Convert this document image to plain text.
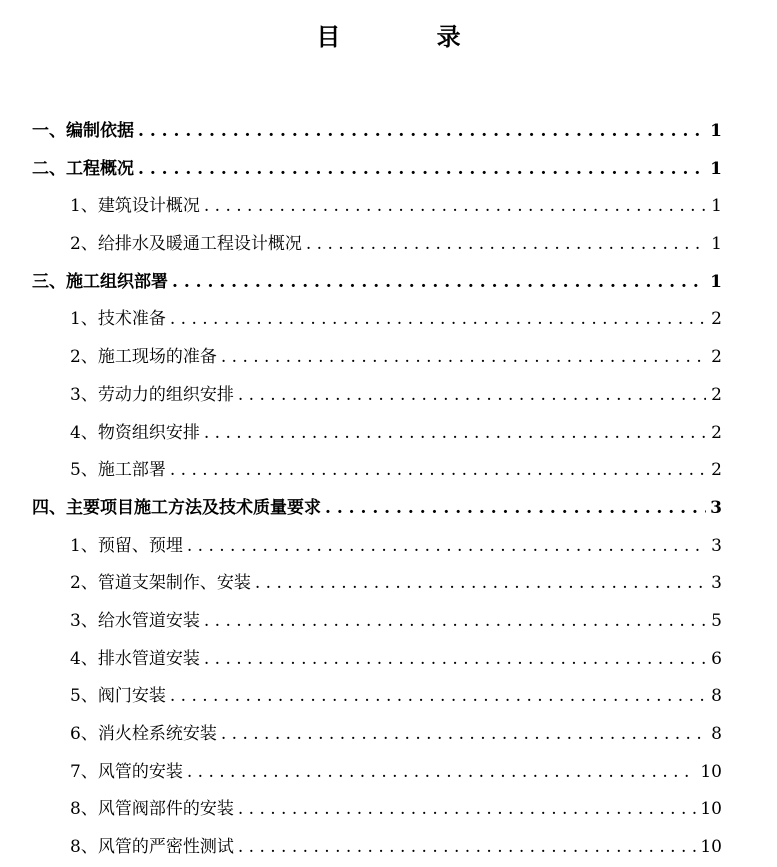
目 录
一、编制依据 . . .	1
二、工程概况 . . .	1
1、建筑设计概况 . . .	1
2、给排水及暖通工程设计概况 . . .	1
三、施工组织部署 . . .	1
1、技术准备 . . .	2
2、施工现场的准备 . . .	2
3、劳动力的组织安排 . . .	2
4、物资组织安排 . . .	2
5、施工部署 . . .	2
四、主要项目施工方法及技术质量要求 . . .	3
1、预留、预埋 . . .	3
2、管道支架制作、安装 . . .	3
3、给水管道安装 . . .	5
4、排水管道安装 . . .	6
5、阀门安装 . . .	8
6、消火栓系统安装 . . .	8
7、风管的安装 . . .	10
8、风管阀部件的安装 . . .	10
8、风管的严密性测试 . . .	10
